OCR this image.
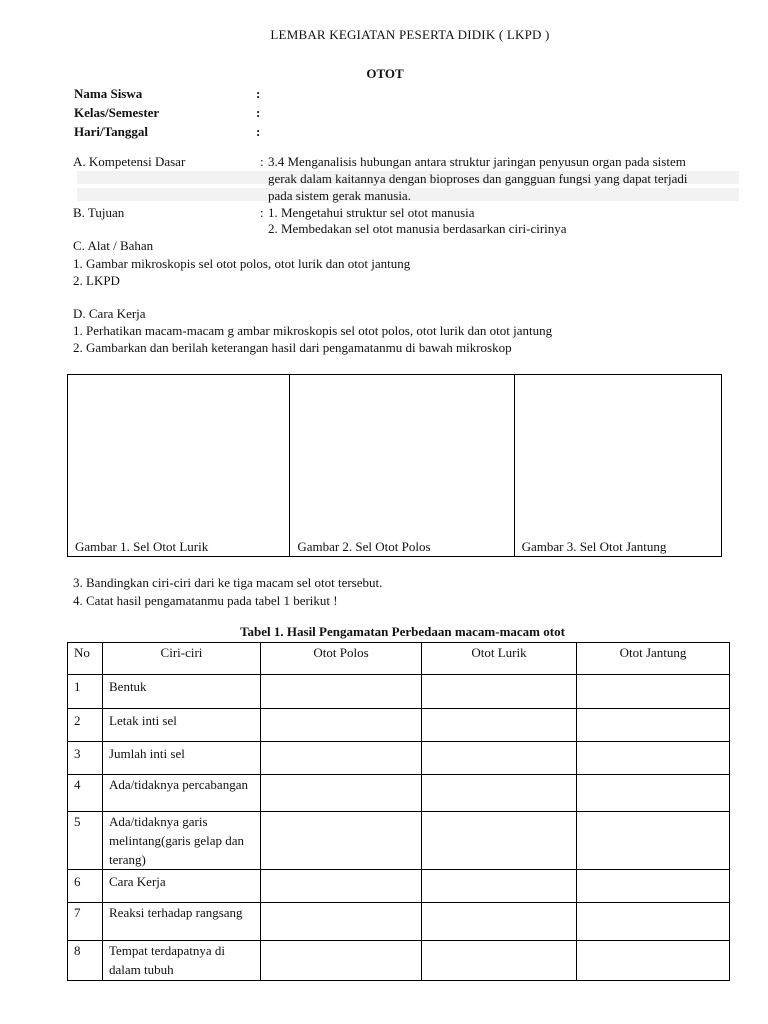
LEMBAR KEGIATAN PESERTA DIDIK ( LKPD )
OTOT
Nama Siswa	:
Kelas/Semester	:
Hari/Tanggal	:
A. Kompetensi Dasar	: 3.4 Menganalisis hubungan antara struktur jaringan penyusun organ pada sistem
gerak dalam kaitannya dengan bioproses dan gangguan fungsi yang dapat terjadi
pada sistem gerak manusia.
B. Tujuan	: 1. Mengetahui struktur sel otot manusia
2. Membedakan sel otot manusia berdasarkan ciri-cirinya
C. Alat / Bahan
1. Gambar mikroskopis sel otot polos, otot lurik dan otot jantung
2. LKPD
D. Cara Kerja
1. Perhatikan macam-macam g ambar mikroskopis sel otot polos, otot lurik dan otot jantung
2. Gambarkan dan berilah keterangan hasil dari pengamatanmu di bawah mikroskop
Gambar 1. Sel Otot Lurik	Gambar 2. Sel Otot Polos	Gambar 3. Sel Otot Jantung
3. Bandingkan ciri-ciri dari ke tiga macam sel otot tersebut.
4. Catat hasil pengamatanmu pada tabel 1 berikut !
Tabel 1. Hasil Pengamatan Perbedaan macam-macam otot
No	Ciri-ciri	Otot Polos	Otot Lurik	Otot Jantung
1	Bentuk			
2	Letak inti sel			
3	Jumlah inti sel			
4	Ada/tidaknya percabangan			
5	Ada/tidaknya garis melintang(garis gelap dan terang)			
6	Cara Kerja			
7	Reaksi terhadap rangsang			
8	Tempat terdapatnya di dalam tubuh			
